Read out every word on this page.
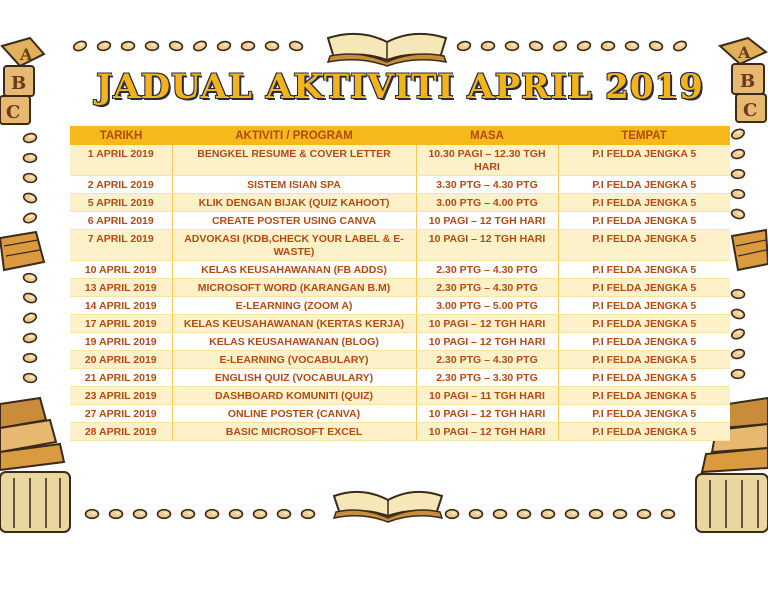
A
B
C
A
B
C
JADUAL AKTIVITI APRIL 2019
TARIKH	AKTIVITI / PROGRAM	MASA	TEMPAT
1 APRIL 2019	BENGKEL RESUME & COVER LETTER	10.30 PAGI – 12.30 TGH HARI	P.I FELDA JENGKA 5
2 APRIL 2019	SISTEM ISIAN SPA	3.30 PTG – 4.30 PTG	P.I FELDA JENGKA 5
5 APRIL 2019	KLIK DENGAN BIJAK (QUIZ KAHOOT)	3.00 PTG – 4.00 PTG	P.I FELDA JENGKA 5
6 APRIL 2019	CREATE POSTER USING CANVA	10 PAGI – 12 TGH HARI	P.I FELDA JENGKA 5
7 APRIL 2019	ADVOKASI (KDB,CHECK YOUR LABEL & E-WASTE)	10 PAGI – 12 TGH HARI	P.I FELDA JENGKA 5
10 APRIL 2019	KELAS KEUSAHAWANAN (FB ADDS)	2.30 PTG – 4.30 PTG	P.I FELDA JENGKA 5
13 APRIL 2019	MICROSOFT WORD (KARANGAN B.M)	2.30 PTG – 4.30 PTG	P.I FELDA JENGKA 5
14 APRIL 2019	E-LEARNING (ZOOM A)	3.00 PTG – 5.00 PTG	P.I FELDA JENGKA 5
17 APRIL 2019	KELAS KEUSAHAWANAN (KERTAS KERJA)	10 PAGI – 12 TGH HARI	P.I FELDA JENGKA 5
19 APRIL 2019	KELAS KEUSAHAWANAN (BLOG)	10 PAGI – 12 TGH HARI	P.I FELDA JENGKA 5
20 APRIL 2019	E-LEARNING (VOCABULARY)	2.30 PTG – 4.30 PTG	P.I FELDA JENGKA 5
21 APRIL 2019	ENGLISH QUIZ (VOCABULARY)	2.30 PTG – 3.30 PTG	P.I FELDA JENGKA 5
23 APRIL 2019	DASHBOARD KOMUNITI (QUIZ)	10 PAGI – 11 TGH HARI	P.I FELDA JENGKA 5
27 APRIL 2019	ONLINE POSTER (CANVA)	10 PAGI – 12 TGH HARI	P.I FELDA JENGKA 5
28 APRIL 2019	BASIC MICROSOFT EXCEL	10 PAGI – 12 TGH HARI	P.I FELDA JENGKA 5
